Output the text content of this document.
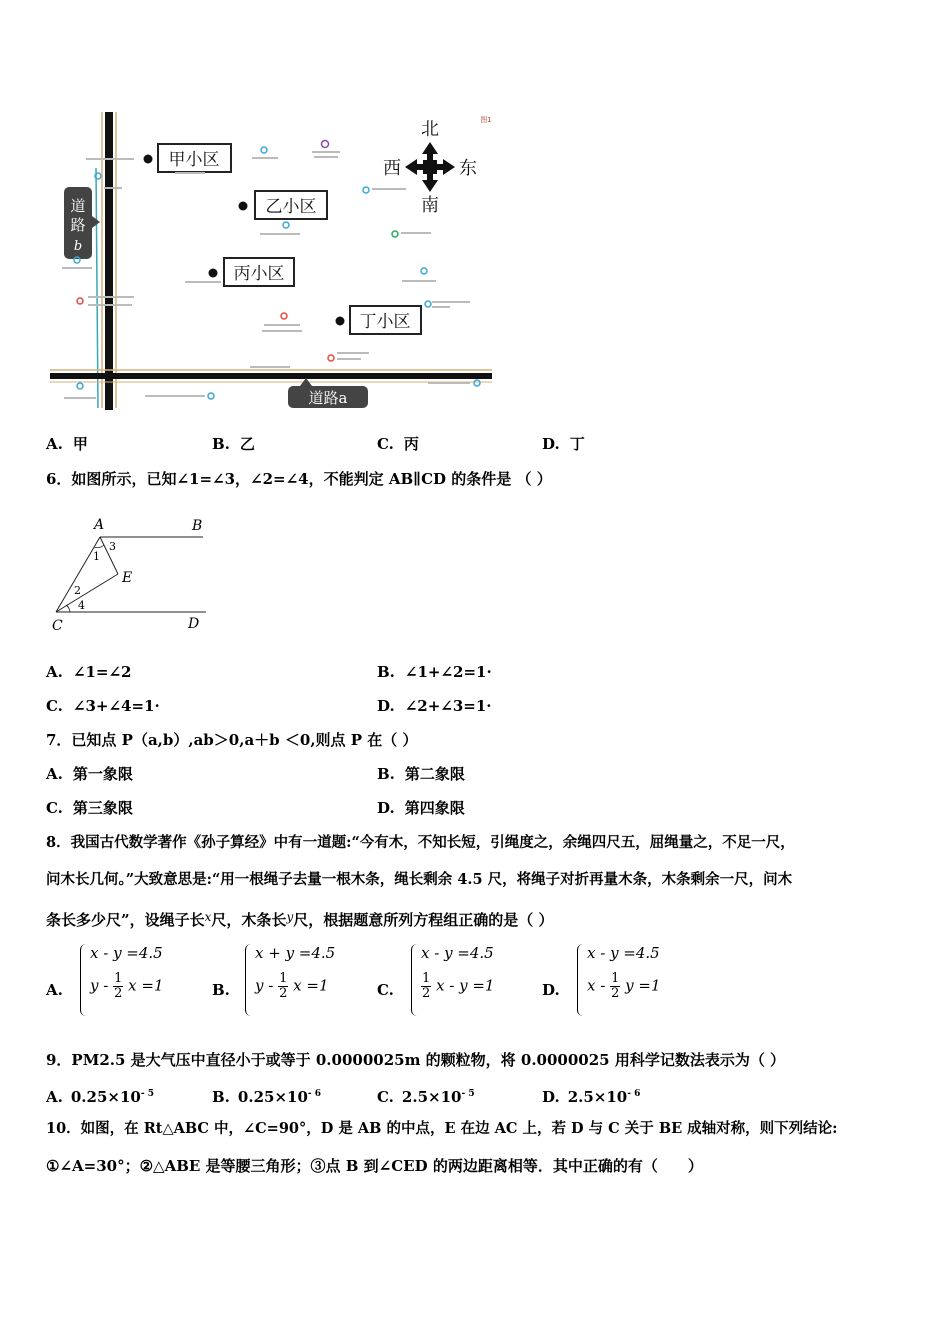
道
路
b
道路a
甲小区
乙小区
丙小区
丁小区
北
南
西	东
图1
A. 甲	B. 乙	C. 丙	D. 丁
6．如图所示，已知∠1=∠3，∠2=∠4，不能判定 AB∥CD 的条件是 （ ）
A	B
C	D
E
1
2
3
4
A. ∠1=∠2	B. ∠1+∠2=1·
C. ∠3+∠4=1·	D. ∠2+∠3=1·
7．已知点 P（a,b）,ab＞0,a＋b ＜0,则点 P 在（ ）
A. 第一象限	B. 第二象限
C. 第三象限	D. 第四象限
8．我国古代数学著作《孙子算经》中有一道题:“今有木，不知长短，引绳度之，余绳四尺五，屈绳量之，不足一尺，
问木长几何。”大致意思是:“用一根绳子去量一根木条，绳长剩余 4.5 尺，将绳子对折再量木条，木条剩余一尺，问木
条长多少尺”，设绳子长$^x$尺，木条长$^y$尺，根据题意所列方程组正确的是（ ）
A.
x - y =4.5
y - $\frac{1}{2}$ x =1	B.
x + y =4.5
y - $\frac{1}{2}$ x =1	C.
x - y =4.5
$\frac{1}{2}$ x - y =1	D.
x - y =4.5
x - $\frac{1}{2}$ y =1
9．PM2.5 是大气压中直径小于或等于 0.0000025m 的颗粒物，将 0.0000025 用科学记数法表示为（ ）
A. $0.25\times 10^{- 5}$	B. $0.25\times 10^{- 6}$	C. $2.5\times 10^{- 5}$	D. $2.5\times 10^{- 6}$
10．如图，在 Rt△ABC 中，∠C=90°，D 是 AB 的中点，E 在边 AC 上，若 D 与 C 关于 BE 成轴对称，则下列结论:
①∠A=30°；②△ABE 是等腰三角形；③点 B 到∠CED 的两边距离相等．其中正确的有（　　）
